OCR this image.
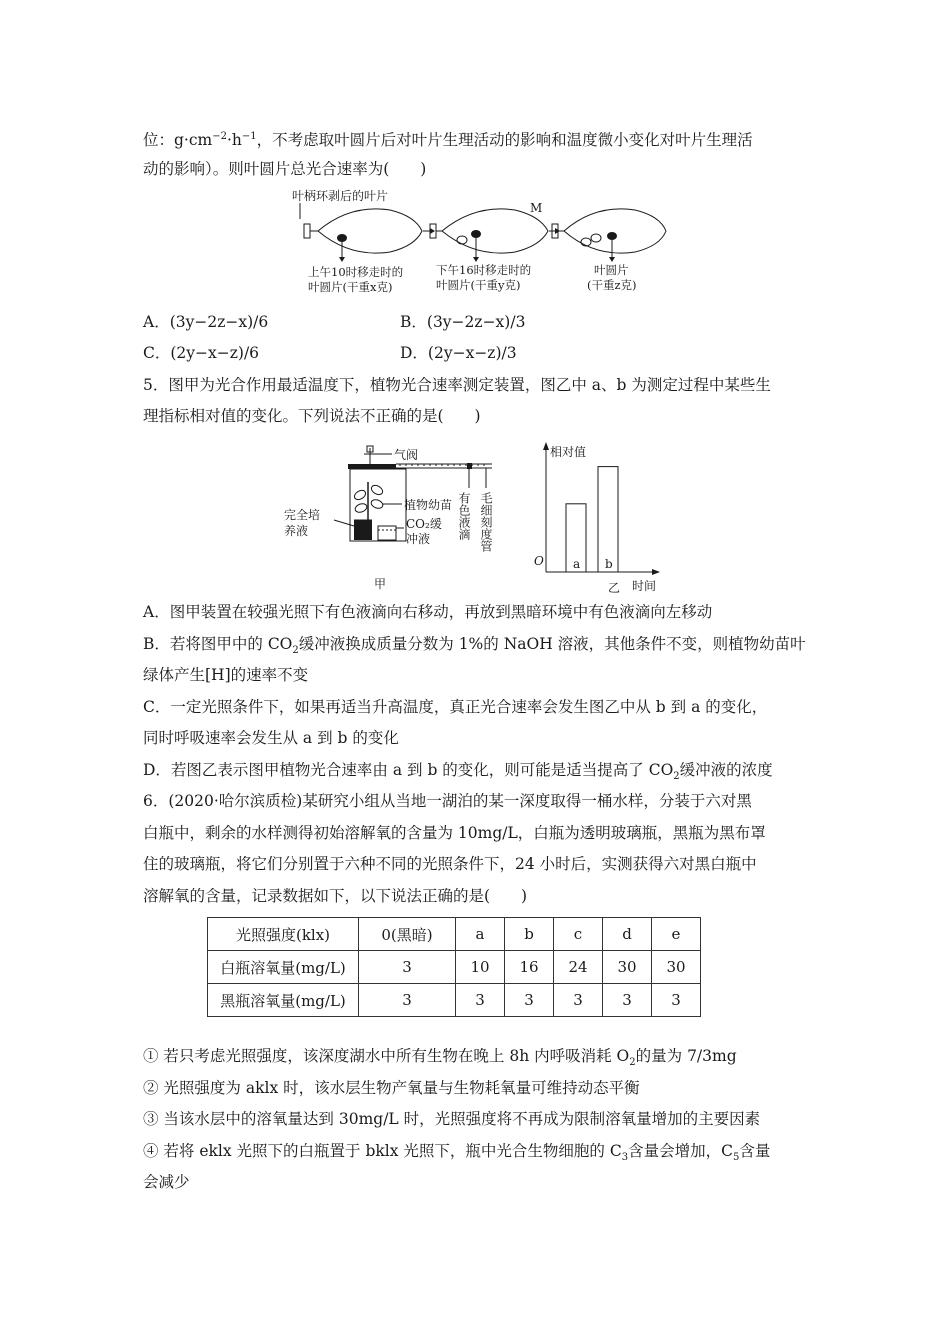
位：$g\cdot cm^{-2}\cdot h^{-1}$，不考虑取叶圆片后对叶片生理活动的影响和温度微小变化对叶片生理活
动的影响）。则叶圆片总光合速率为(　　)
叶柄环剥后的叶片
M
上午10时移走时的
叶圆片(干重x克)
下午16时移走时的
叶圆片(干重y克)
叶圆片
(干重z克)
A．(3y−2z−x)/6	B．(3y−2z−x)/3
C．(2y−x−z)/6	D．(2y−x−z)/3
5．图甲为光合作用最适温度下，植物光合速率测定装置，图乙中 a、b 为测定过程中某些生
理指标相对值的变化。下列说法不正确的是(　　)
气阀
植物幼苗
完全培
养液	CO₂缓
冲液 有色液滴 毛细刻度管
甲
相对值
O
时间
乙
a b
A．图甲装置在较强光照下有色液滴向右移动，再放到黑暗环境中有色液滴向左移动
B．若将图甲中的 $CO_2$缓冲液换成质量分数为 1%的 NaOH 溶液，其他条件不变，则植物幼苗叶
绿体产生[H]的速率不变
C．一定光照条件下，如果再适当升高温度，真正光合速率会发生图乙中从 b 到 a 的变化，
同时呼吸速率会发生从 a 到 b 的变化
D．若图乙表示图甲植物光合速率由 a 到 b 的变化，则可能是适当提高了 $CO_2$缓冲液的浓度
6．(2020·哈尔滨质检)某研究小组从当地一湖泊的某一深度取得一桶水样，分装于六对黑
白瓶中，剩余的水样测得初始溶解氧的含量为 10mg/L，白瓶为透明玻璃瓶，黑瓶为黑布罩
住的玻璃瓶，将它们分别置于六种不同的光照条件下，24 小时后，实测获得六对黑白瓶中
溶解氧的含量，记录数据如下，以下说法正确的是(　　)
光照强度(klx)	0(黑暗)	a	b	c	d	e
白瓶溶氧量(mg/L)	3	10	16	24	30	30
黑瓶溶氧量(mg/L)	3	3	3	3	3	3
① 若只考虑光照强度，该深度湖水中所有生物在晚上 8h 内呼吸消耗 $O_2$的量为 7/3mg
② 光照强度为 aklx 时，该水层生物产氧量与生物耗氧量可维持动态平衡
③ 当该水层中的溶氧量达到 30mg/L 时，光照强度将不再成为限制溶氧量增加的主要因素
④ 若将 eklx 光照下的白瓶置于 bklx 光照下，瓶中光合生物细胞的 $C_3$含量会增加，$C_5$含量
会减少
